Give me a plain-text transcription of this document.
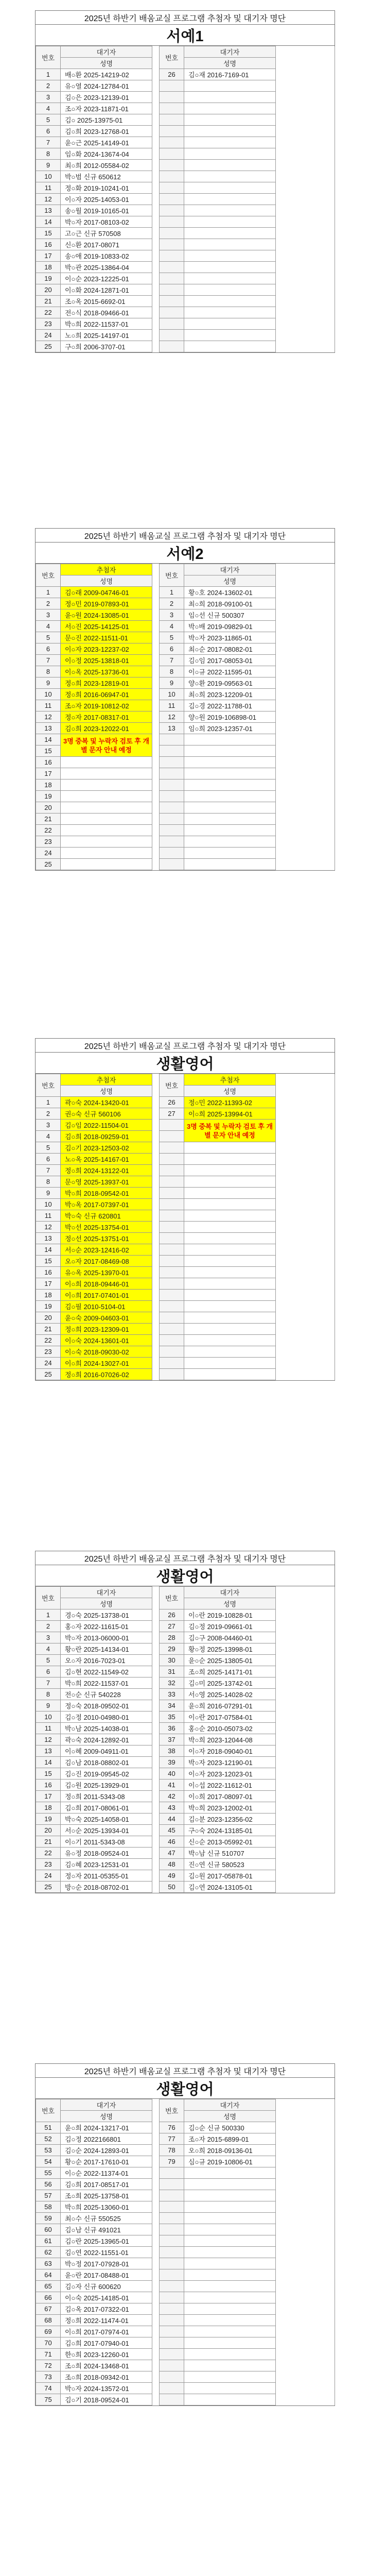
2025년 하반기 배움교실 프로그램 추첨자 및 대기자 명단
서예1
번호	대기자		번호	대기자	
	성명			성명	
1	배○환 2025-14219-02		26	김○재 2016-7169-01	
2	유○열 2024-12784-01				
3	김○은 2023-12139-01				
4	조○자 2023-11871-01				
5	김○ 2025-13975-01				
6	김○희 2023-12768-01				
7	윤○근 2025-14149-01				
8	임○화 2024-13674-04				
9	최○희 2012-05584-02				
10	박○범 신규 650612				
11	정○화 2019-10241-01				
12	이○자 2025-14053-01				
13	송○월 2019-10165-01				
14	박○자 2017-08103-02				
15	고○근 신규 570508				
16	신○환 2017-08071				
17	송○애 2019-10833-02				
18	박○관 2025-13864-04				
19	이○순 2023-12225-01				
20	이○화 2024-12871-01				
21	조○옥 2015-6692-01				
22	전○식 2018-09466-01				
23	박○희 2022-11537-01				
24	노○희 2025-14197-01				
25	구○희 2006-3707-01				
2025년 하반기 배움교실 프로그램 추첨자 및 대기자 명단
서예2
번호	추첨자		번호	대기자	
	성명			성명	
1	김○래 2009-04746-01		1	황○호 2024-13602-01	
2	정○민 2019-07893-01		2	최○희 2018-09100-01	
3	윤○원 2024-13085-01		3	임○선 신규 500307	
4	서○진 2025-14125-01		4	박○배 2019-09829-01	
5	문○진 2022-11511-01		5	박○자 2023-11865-01	
6	이○자 2023-12237-02		6	최○순 2017-08082-01	
7	이○정 2025-13818-01		7	김○임 2017-08053-01	
8	이○옥 2025-13736-01		8	이○규 2022-11595-01	
9	정○희 2023-12819-01		9	양○환 2019-09563-01	
10	정○희 2016-06947-01		10	최○희 2023-12209-01	
11	조○자 2019-10812-02		11	김○경 2022-11788-01	
12	정○자 2017-08317-01		12	양○원 2019-106898-01	
13	김○희 2023-12022-01		13	임○희 2023-12357-01	
14	3명 중복 및 누락자 검토 후 개별 문자 안내 예정				
15					
16					
17					
18					
19					
20					
21					
22					
23					
24					
25					
2025년 하반기 배움교실 프로그램 추첨자 및 대기자 명단
생활영어
번호	추첨자		번호	추첨자	
	성명			성명	
1	곽○숙 2024-13420-01		26	정○민 2022-11393-02	
2	권○숙 신규 560106		27	이○희 2025-13994-01	
3	김○임 2022-11504-01			3명 중복 및 누락자 검토 후 개별 문자 안내 예정	
4	김○희 2018-09259-01				
5	김○기 2023-12503-02				
6	노○옥 2025-14167-01				
7	정○희 2024-13122-01				
8	문○영 2025-13937-01				
9	박○희 2018-09542-01				
10	박○옥 2017-07397-01				
11	박○숙 신규 620801				
12	박○선 2025-13754-01				
13	정○선 2025-13751-01				
14	서○순 2023-12416-02				
15	오○자 2017-08469-08				
16	유○옥 2025-13970-01				
17	이○희 2018-09446-01				
18	이○희 2017-07401-01				
19	김○필 2010-5104-01				
20	윤○숙 2009-04603-01				
21	정○희 2023-12309-01				
22	이○숙 2024-13601-01				
23	이○숙 2018-09030-02				
24	이○희 2024-13027-01				
25	정○희 2016-07026-02				
2025년 하반기 배움교실 프로그램 추첨자 및 대기자 명단
생활영어
번호	대기자		번호	대기자	
	성명			성명	
1	경○숙 2025-13738-01		26	이○란 2019-10828-01	
2	홍○자 2022-11615-01		27	김○정 2019-09661-01	
3	박○자 2013-06000-01		28	김○구 2008-04460-01	
4	황○란 2025-14134-01		29	황○정 2025-13998-01	
5	오○자 2016-7023-01		30	윤○순 2025-13805-01	
6	김○현 2022-11549-02		31	조○희 2025-14171-01	
7	박○희 2022-11537-01		32	김○미 2025-13742-01	
8	전○순 신규 540228		33	서○영 2025-14028-02	
9	정○숙 2018-09502-01		34	윤○희 2016-07291-01	
10	김○정 2010-04980-01		35	이○란 2017-07584-01	
11	박○남 2025-14038-01		36	홍○순 2010-05073-02	
12	곽○숙 2024-12892-01		37	박○희 2023-12044-08	
13	이○혜 2009-04911-01		38	이○자 2018-09040-01	
14	김○남 2018-08802-01		39	박○자 2023-12190-01	
15	김○진 2019-09545-02		40	이○자 2023-12023-01	
16	김○원 2025-13929-01		41	이○섭 2022-11612-01	
17	정○희 2011-5343-08		42	이○희 2017-08097-01	
18	김○희 2017-08061-01		43	박○희 2023-12002-01	
19	박○숙 2025-14058-01		44	김○분 2023-12356-02	
20	서○순 2025-13934-01		45	구○숙 2024-13185-01	
21	이○기 2011-5343-08		46	신○순 2013-05992-01	
22	유○정 2018-09524-01		47	박○남 신규 510707	
23	김○혜 2023-12531-01		48	진○연 신규 580523	
24	정○자 2011-05355-01		49	김○원 2017-05878-01	
25	방○순 2018-08702-01		50	김○연 2024-13105-01	
2025년 하반기 배움교실 프로그램 추첨자 및 대기자 명단
생활영어
번호	대기자		번호	대기자	
	성명			성명	
51	윤○희 2024-13217-01		76	김○순 신규 500330	
52	김○정 2022166801		77	조○자 2015-6899-01	
53	김○순 2024-12893-01		78	오○희 2018-09136-01	
54	황○순 2017-17610-01		79	심○규 2019-10806-01	
55	이○순 2022-11374-01				
56	김○희 2017-08517-01				
57	조○희 2025-13758-01				
58	박○희 2025-13060-01				
59	최○수 신규 550525				
60	김○남 신규 491021				
61	김○란 2025-13965-01				
62	김○연 2022-11551-01				
63	박○정 2017-07928-01				
64	윤○란 2017-08488-01				
65	김○자 신규 600620				
66	이○숙 2025-14185-01				
67	김○옥 2017-07322-01				
68	정○희 2022-11474-01				
69	이○희 2017-07974-01				
70	김○희 2017-07940-01				
71	한○희 2023-12260-01				
72	조○희 2024-13468-01				
73	조○희 2018-09342-01				
74	박○자 2024-13572-01				
75	김○기 2018-09524-01				
